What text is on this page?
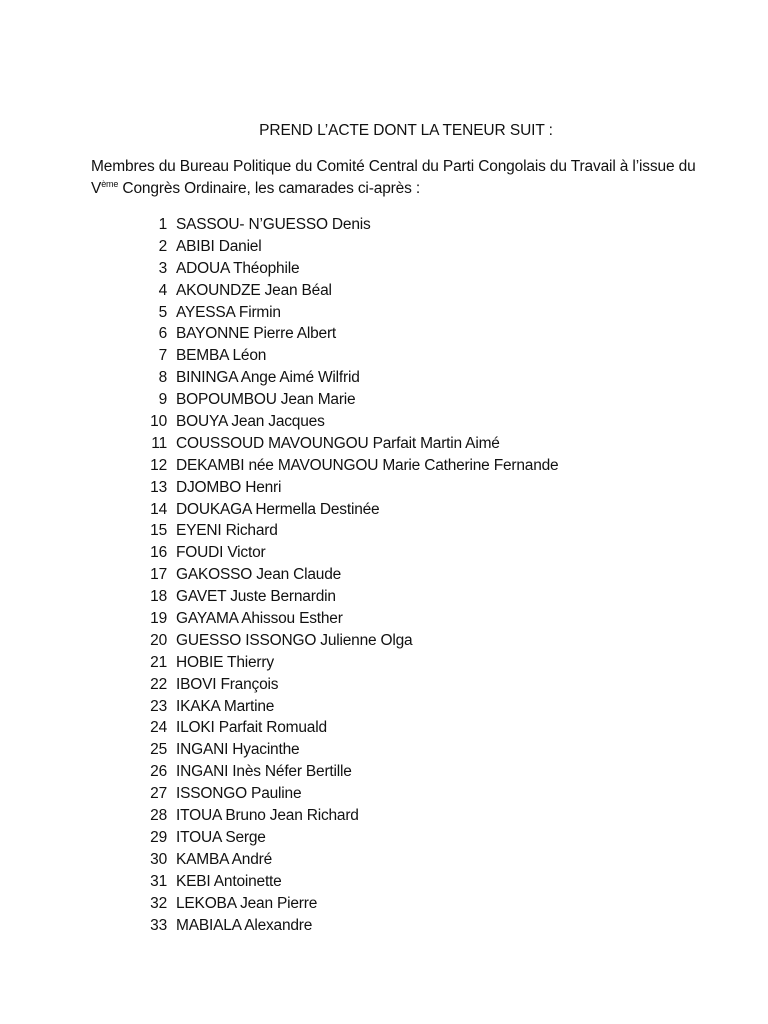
PREND L’ACTE DONT LA TENEUR SUIT :
Membres du Bureau Politique du Comité Central du Parti Congolais du Travail à l’issue du
Vème Congrès Ordinaire, les camarades ci-après :
1 SASSOU- N’GUESSO Denis
2 ABIBI Daniel
3 ADOUA Théophile
4 AKOUNDZE Jean Béal
5 AYESSA Firmin
6 BAYONNE Pierre Albert
7 BEMBA Léon
8 BININGA Ange Aimé Wilfrid
9 BOPOUMBOU Jean Marie
10 BOUYA Jean Jacques
11 COUSSOUD MAVOUNGOU Parfait Martin Aimé
12 DEKAMBI née MAVOUNGOU Marie Catherine Fernande
13 DJOMBO Henri
14 DOUKAGA Hermella Destinée
15 EYENI Richard
16 FOUDI Victor
17 GAKOSSO Jean Claude
18 GAVET Juste Bernardin
19 GAYAMA Ahissou Esther
20 GUESSO ISSONGO Julienne Olga
21 HOBIE Thierry
22 IBOVI François
23 IKAKA Martine
24 ILOKI Parfait Romuald
25 INGANI Hyacinthe
26 INGANI Inès Néfer Bertille
27 ISSONGO Pauline
28 ITOUA Bruno Jean Richard
29 ITOUA Serge
30 KAMBA André
31 KEBI Antoinette
32 LEKOBA Jean Pierre
33 MABIALA Alexandre
